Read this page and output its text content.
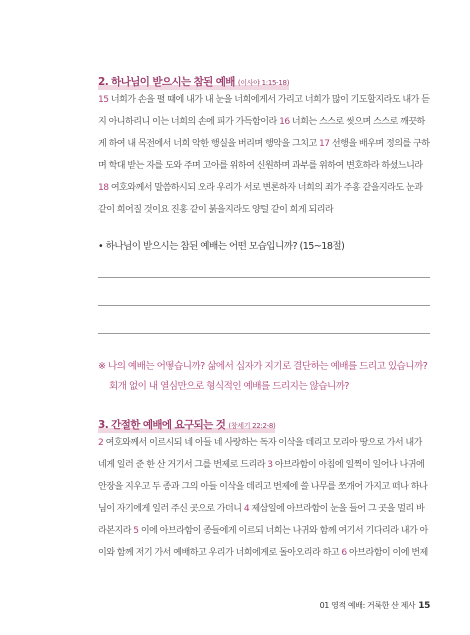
2. 하나님이 받으시는 참된 예배 (이사야 1:15-18)
15 너희가 손을 펼 때에 내가 내 눈을 너희에게서 가리고 너희가 많이 기도할지라도 내가 듣
지 아니하리니 이는 너희의 손에 피가 가득함이라 16 너희는 스스로 씻으며 스스로 깨끗하
게 하여 내 목전에서 너희 악한 행실을 버리며 행악을 그치고 17 선행을 배우며 정의를 구하
며 학대 받는 자를 도와 주며 고아를 위하여 신원하며 과부를 위하여 변호하라 하셨느니라
18 여호와께서 말씀하시되 오라 우리가 서로 변론하자 너희의 죄가 주홍 같을지라도 눈과
같이 희어질 것이요 진홍 같이 붉을지라도 양털 같이 희게 되리라
• 하나님이 받으시는 참된 예배는 어떤 모습입니까? (15~18절)
※ 나의 예배는 어떻습니까? 삶에서 십자가 지기로 결단하는 예배를 드리고 있습니까?
회개 없이 내 열심만으로 형식적인 예배를 드리지는 않습니까?
3. 간절한 예배에 요구되는 것 (창세기 22:2-8)
2 여호와께서 이르시되 네 아들 네 사랑하는 독자 이삭을 데리고 모리아 땅으로 가서 내가
네게 일러 준 한 산 거기서 그를 번제로 드리라 3 아브라함이 아침에 일찍이 일어나 나귀에
안장을 지우고 두 종과 그의 아들 이삭을 데리고 번제에 쓸 나무를 쪼개어 가지고 떠나 하나
님이 자기에게 일러 주신 곳으로 가더니 4 제삼일에 아브라함이 눈을 들어 그 곳을 멀리 바
라본지라 5 이에 아브라함이 종들에게 이르되 너희는 나귀와 함께 여기서 기다리라 내가 아
이와 함께 저기 가서 예배하고 우리가 너희에게로 돌아오리라 하고 6 아브라함이 이에 번제
01 영적 예배: 거룩한 산 제사 15
